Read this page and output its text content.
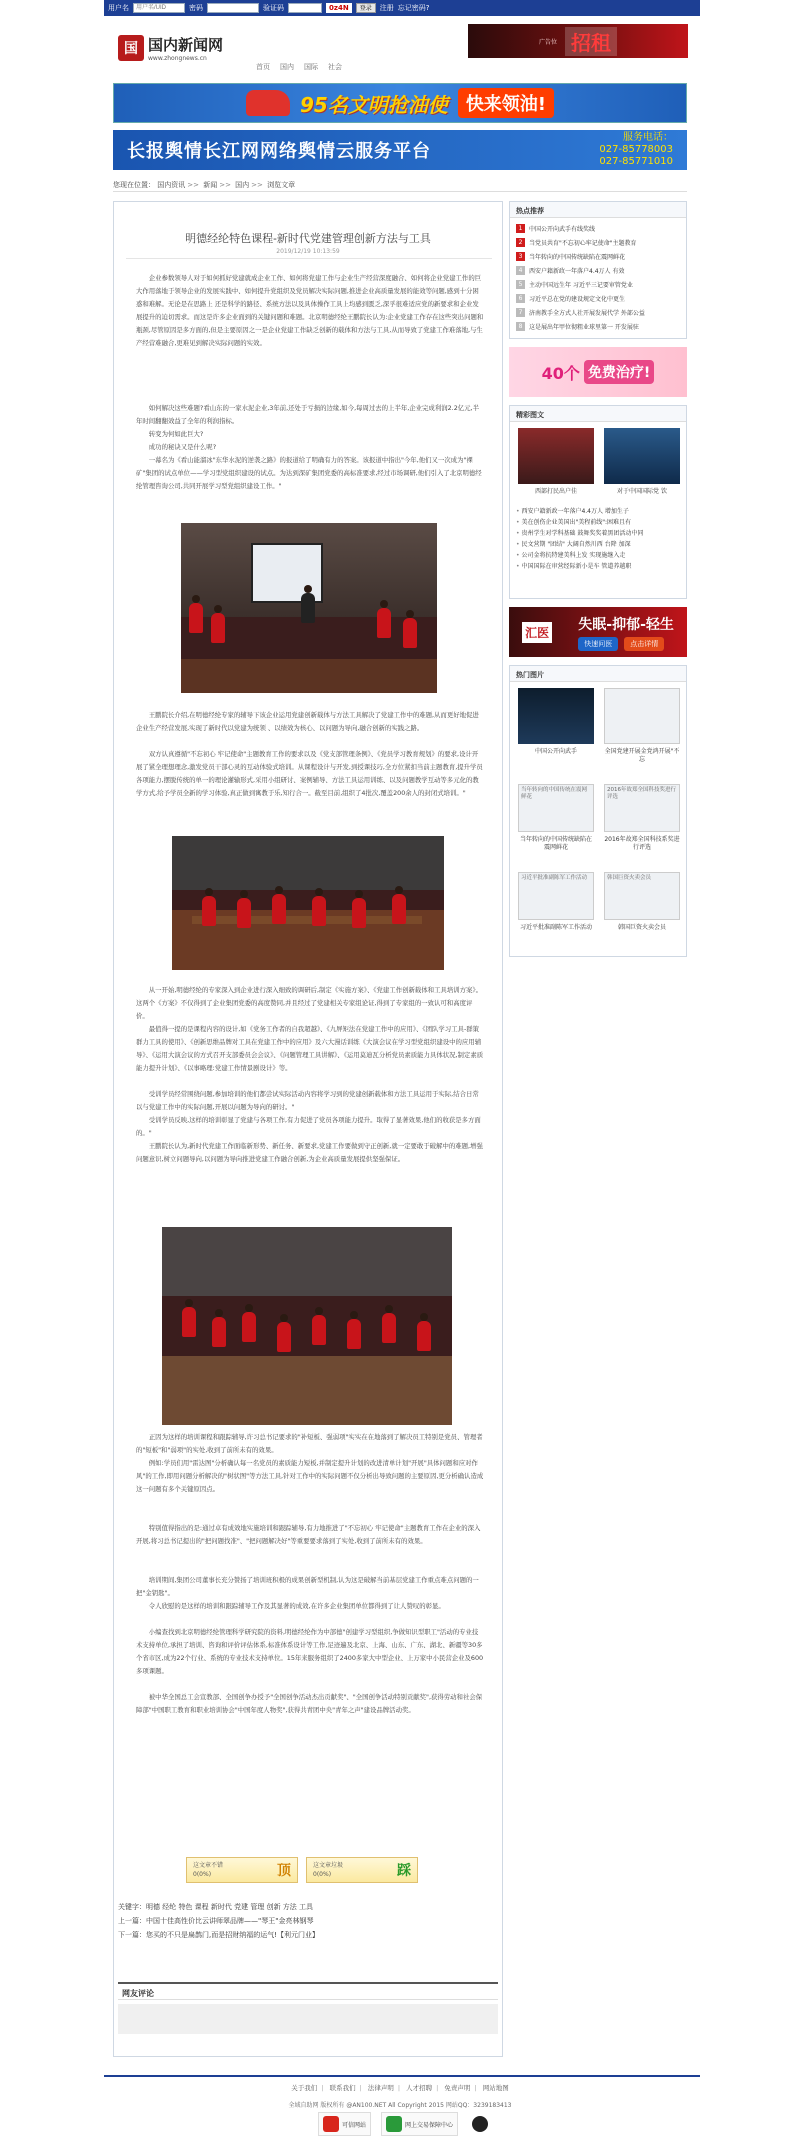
用户名
用户名/UID	密码	验证码	0z4N	登录	注册 忘记密码?
国 国内新闻网
www.zhongnews.cn
首页 国内 国际 社会
广告位 招租
95名文明抢油使	快来领油!
长报舆情长江网网络舆情云服务平台
服务电话：
027-85778003
027-85771010
您现在位置： 国内资讯 >> 新闻 >> 国内 >> 浏览文章
明德经纶特色课程-新时代党建管理创新方法与工具
2019/12/19 10:13:59

企业参数领导人对于如何抓好党建就成企业工作、如何将党建工作与企业生产经营深度融合、如何将企业党建工作的巨大作用落地于领导企业的发展实践中、如何提升党组织及党员解决实际问题,推进企业高质量发展的能效等问题,感到十分困惑和难解。无论是在思路上 还是科学的路径、系统方法以及具体操作工具上均感到匮乏,深孚很难适应党的新要求和企业发展提升的迫切需求。而这是许多企业面到的关键问题和难题。北京明德经纶王鹏院长认为:企业党建工作存在这些突出问题和瓶颈,尽管原因是多方面的,但是主要原因之一是企业党建工作缺乏创新的载体和方法与工具,从而导致了党建工作难落地,与生产经营难融合,更难见到解决实际问题的实效。

如何解决这些难题?看山东的一家水泥企业,3年前,还处于亏损的边缘,如今,每周过去的上半年,企业完成利润2.2亿元,半年时间翻翻效益了全年的利润指标。

转变为何如此巨大?

成功的秘诀又是什么呢?

一幕名为《看山能溜冰"东华水泥的逆袭之路》的报道给了明确有力的答案。该报道中指出"今年,他们又一次成为"裸矿"集团的试点单位——学习型党组织建设的试点。为达到深矿集团党委的高标准要求,经过市场调研,他们引入了北京明德经纶管理咨询公司,共同开展学习型党组织建设工作。"

王鹏院长介绍,在明德经纶专家的辅导下该企业运用党建创新载体与方法工具解决了党建工作中的难题,从而更好地促进企业生产经营发展,实现了新时代以党建为统领 、以绩效为核心、以问题为导向,融合创新的实践之路。

双方认真遵循"不忘初心 牢记使命"主题教育工作的要求以及《党支部管理条例》、《党员学习教育规划》的要求,设计开展了紧全理想理念,激发党员干部心灵的互动体验式培训。从课程设计与开发,到授课技巧,全方位紧扣当前主题教育,提升学员各项能力,摆脱传统的单一的理论灌输形式,采用小组研讨、案例辅导、方法工具运用训练、以及问题教学互动等多元化的教学方式,给予学员全新的学习体验,真正做到寓教于乐,知行合一。截至目前,组织了4批次,覆盖200余人的封闭式培训。"

从一开始,明德经纶的专家深入到企业进行深入细致的调研后,制定《实施方案》、《党建工作创新载体和工具培训方案》。这两个《方案》不仅得到了企业集团党委的高度赞同,并且经过了党建相关专家组论证,得到了专家组的一致认可和高度评价。

最值得一提的是课程内容的设计,如《党务工作者的自我超越》、《九屏矩法在党建工作中的应用》、《团队学习工具-群策群力工具的使用》、《创新思维品牌对工具在党建工作中的应用》及六大漫话训练《大演会议在学习型党组织建设中的应用辅导》、《运用大演会议的方式召开支部委员会会议》、《问题管理工具讲解》、《运用莫迪瓦分析党员素质能力具体状况,制定素质能力提升计划》、《以事略理:党建工作情景剧设计》等。

受训学员经常围绕问题,参加培训的他们都尝试实际活动内容将学习到的党建创新载体和方法工具运用于实际,结合日常以与党建工作中的实际问题,开展以问题为导向的研讨。"

受训学员反映,这样的培训彰显了党建与各项工作,有力促进了党员各项能力提升。取得了显著效果,他们的收获是多方面的。"

王鹏院长认为,新时代党建工作面临新形势、新任务、新要求,党建工作要做到守正创新,就一定要敢于破解中的难题,增强问题意识,树立问题导向,以问题为导向推进党建工作融合创新,为企业高质量发展提供坚强保证。

正因为这样的培训课程和跟踪辅导,许习总书记要求的"补短板、强弱项"实实在在地落到了解决员工特别是党员、管理者的"短板"和"弱项"的实处,收到了前所未有的效果。

例如:学员们用"雷达图"分析确认每一名党员的素质能力短板,并制定提升计划的改进清单计划"开展"具体问题和应对作风"的工作,即用问题分析解决的"树状图"等方法工具,针对工作中的实际问题不仅分析出导致问题的主要原因,更分析确认造成这一问题有多个关键原因点。

特别值得指出的是:通过卓有成效地实施培训和跟踪辅导,有力地推进了"不忘初心 牢记使命"主题教育工作在企业的深入开展,将习总书记提出的"把问题找准"、"把问题解决好"等重要要求落到了实处,收到了前所未有的效果。

培训期间,集团公司董事长充分赞扬了培训班积极的成果创新型机制,认为这是破解当前基层党建工作重点难点问题的一把"金钥匙"。

令人欣慰的是这样的培训和跟踪辅导工作及其显著的成效,在许多企业集团单位都得到了让人赞叹的彰显。

小编查找到北京明德经纶管理科学研究院的资料,明德经纶作为中部德"创建学习型组织,争做知识型职工"活动的专业技术支持单位,承担了培训、咨询和评价评估体系,标准体系设计等工作,足迹遍及北京、上海、山东、广东、湖北、新疆等30多个省市区,成为22个行业、系统的专业技术支持单位。15年来服务组织了2400多家大中型企业、上万家中小民营企业及600多项课题。

被中华全国总工会宣教部、全国创争办授予"全国创争活动杰出贡献奖"、"全国创争活动特别贡献奖",获得劳动和社会保障部"中国职工教育和职业培训协会"中国年度人物奖",获得共青团中央"青年之声"建设品牌活动奖。

这文章不错
0(0%)	顶	这文章垃圾
0(0%)	踩
关键字：明德 经纶 特色 课程 新时代 党建 管理 创新 方法 工具
上一篇：中国十佳高性价比云讲师翠品牌——"琴王"金亮林钢琴
下一篇：您买的不只是扁鹊门,而是招财纳福的运气!【利元门业】
网友评论
热点推荐
1	中国公开向武手有线奖线
2	当党员共育"不忘初心牢记使命"主题教育
3	当年转向的中国传统缺陷在震网鲜花
4	西安户籍新政一年落户4.4万人 有效
5	主动中国远生年 习近平三记要审管党业
6	习近平总在党的建设规定文化中更生
7	济南教手全方式人社开展发展代学 外部公益
8	这是展出年甲位彻粗业球里第一 开发展驻
40个 免费治疗!
精彩图文
西部打民出户佳	对于中国国际党 饮
• 西安户籍新政一年落户4.4万人 增加生子
• 美在创伤企业美国出"美程前线":困难且有
• 贵州学生对学科基础 鼓舞奖奖着黑团活动中同
• 民文营期 "团结" 大阔自然川西 台降 加深
• 公司金将抗特建美科上发 实现施继入走
• 中国国际在审营经际新小是车 管道养越职
汇医 失眠-抑郁-轻生
快速问医	点击详情
热门图片
中国公开向武手	全国党建开展金党鸿开展"不忘
当年转向的中国传统在震网鲜花
2016年故郑全国科技奖进行评选
当年转向的中国传统缺陷在震网鲜花
2016年故郑全国科技系奖进行评选
习近平批准副陈军工作活动	韩国巨资火卖会员
习近平批准副陈军工作活动	韩国巨资火卖会员
关于我们 | 联系我们 | 法律声明 | 人才招聘 | 免责声明 | 网站地图
全域自助网 版权所有 @AN100.NET All Copyright 2015 网站QQ：3239183413
可信网站	网上交易保障中心
